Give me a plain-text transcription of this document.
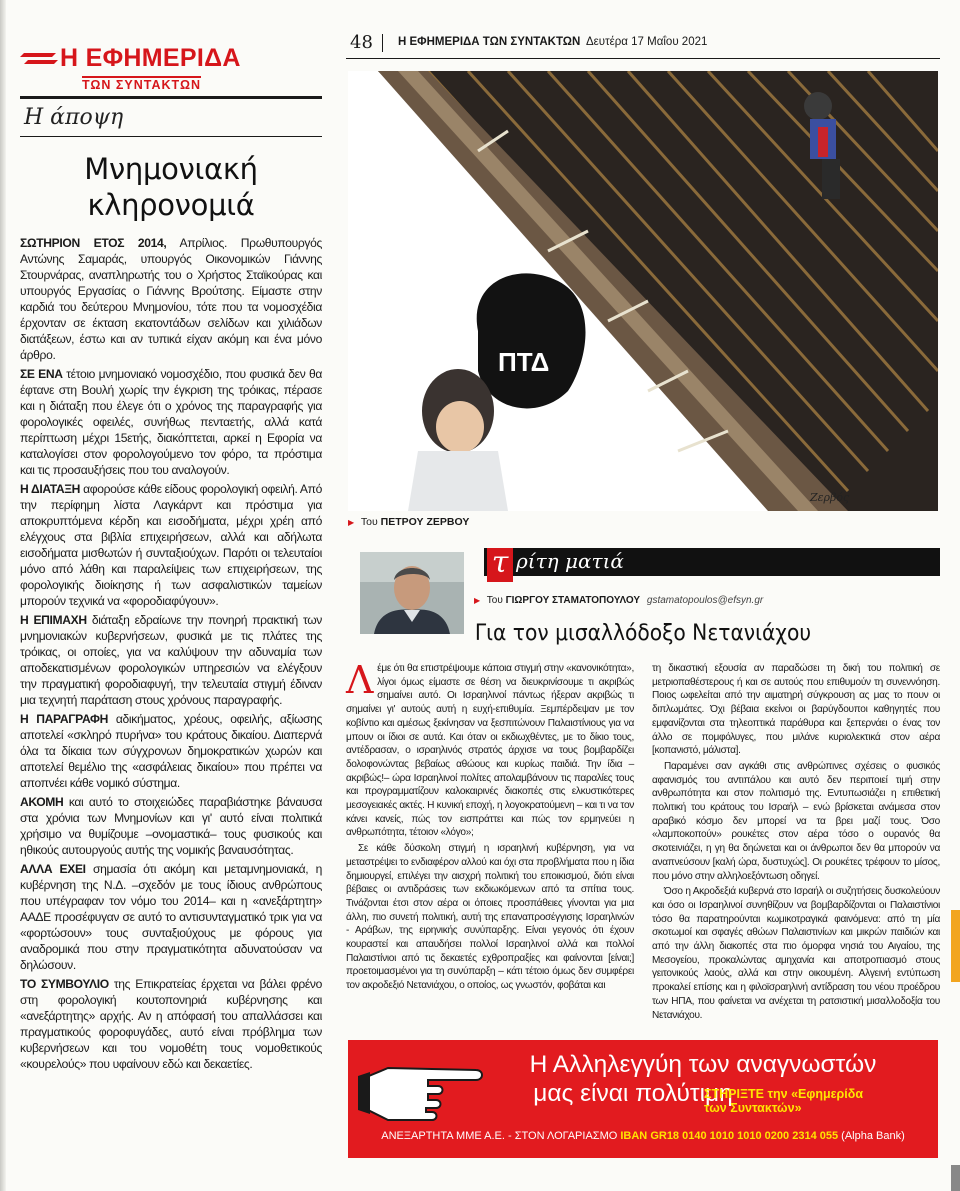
Η ΕΦΗΜΕΡΙΔΑ
ΤΩΝ ΣΥΝΤΑΚΤΩΝ
Η άποψη
Μνημονιακή
κληρονομιά

ΣΩΤΗΡΙΟΝ ΕΤΟΣ 2014, Απρίλιος. Πρωθυπουργός Αντώνης Σαμαράς, υπουργός Οικονομικών Γιάννης Στουρνάρας, αναπληρωτής του ο Χρήστος Σταϊκούρας και υπουργός Εργασίας ο Γιάννης Βρούτσης. Είμαστε στην καρδιά του δεύτερου Μνημονίου, τότε που τα νομοσχέδια έρχονταν σε έκταση εκατοντάδων σελίδων και χιλιάδων διατάξεων, έστω και αν τυπικά είχαν ακόμη και ένα μόνο άρθρο.

ΣΕ ΕΝΑ τέτοιο μνημονιακό νομοσχέδιο, που φυσικά δεν θα έφτανε στη Βουλή χωρίς την έγκριση της τρόικας, πέρασε και η διάταξη που έλεγε ότι ο χρόνος της παραγραφής για φορολογικές οφειλές, συνήθως πενταετής, αλλά κατά περίπτωση μέχρι 15ετής, διακόπτεται, αρκεί η Εφορία να καταλογίσει στον φορολογούμενο τον φόρο, τα πρόστιμα και τις προσαυξήσεις που του αναλογούν.

Η ΔΙΑΤΑΞΗ αφορούσε κάθε είδους φορολογική οφειλή. Από την περίφημη λίστα Λαγκάρντ και πρόστιμα για αποκρυπτόμενα κέρδη και εισοδήματα, μέχρι χρέη από ελέγχους στα βιβλία επιχειρήσεων, αλλά και αδήλωτα εισοδήματα μισθωτών ή συνταξιούχων. Παρότι οι τελευταίοι μόνο από λάθη και παραλείψεις των επιχειρήσεων, της φορολογικής διοίκησης ή των ασφαλιστικών ταμείων μπορούν τεχνικά να «φοροδιαφύγουν».

Η ΕΠΙΜΑΧΗ διάταξη εδραίωνε την πονηρή πρακτική των μνημονιακών κυβερνήσεων, φυσικά με τις πλάτες της τρόικας, οι οποίες, για να καλύψουν την αδυναμία των αποδεκατισμένων φορολογικών υπηρεσιών να ελέγξουν την πραγματική φοροδιαφυγή, την τελευταία στιγμή έδιναν μια τεχνητή παράταση στους χρόνους παραγραφής.

Η ΠΑΡΑΓΡΑΦΗ αδικήματος, χρέους, οφειλής, αξίωσης αποτελεί «σκληρό πυρήνα» του κράτους δικαίου. Διαπερνά όλα τα δίκαια των σύγχρονων δημοκρατικών χωρών και αποτελεί θεμέλιο της «ασφάλειας δικαίου» που πρέπει να αποπνέει κάθε νομικό σύστημα.

ΑΚΟΜΗ και αυτό το στοιχειώδες παραβιάστηκε βάναυσα στα χρόνια των Μνημονίων και γι' αυτό είναι πολιτικά χρήσιμο να θυμίζουμε –ονομαστικά– τους φυσικούς και ηθικούς αυτουργούς αυτής της νομικής βαναυσότητας.

ΑΛΛΑ ΕΧΕΙ σημασία ότι ακόμη και μεταμνημονιακά, η κυβέρνηση της Ν.Δ. –σχεδόν με τους ίδιους ανθρώπους που υπέγραφαν τον νόμο του 2014– και η «ανεξάρτητη» ΑΑΔΕ προσέφυγαν σε αυτό το αντισυνταγματικό τρικ για να «φορτώσουν» τους συνταξιούχους με φόρους για αναδρομικά που στην πραγματικότητα αδυνατούσαν να δηλώσουν.

ΤΟ ΣΥΜΒΟΥΛΙΟ της Επικρατείας έρχεται να βάλει φρένο στη φορολογική κουτοπονηριά κυβέρνησης και «ανεξάρτητης» αρχής. Αν η απόφασή του απαλλάσσει και πραγματικούς φοροφυγάδες, αυτό είναι πρόβλημα των κυβερνήσεων και του νομοθέτη τους νομοθετικούς «κουρελούς» που υφαίνουν εδώ και δεκαετίες.

48 Η ΕΦΗΜΕΡΙΔΑ ΤΩΝ ΣΥΝΤΑΚΤΩΝ Δευτέρα 17 Μαΐου 2021
ΠΤΔ
Ζερβός
▶ Του ΠΕΤΡΟΥ ΖΕΡΒΟΥ
τ ρίτη ματιά
▶ Του ΓΙΩΡΓΟΥ ΣΤΑΜΑΤΟΠΟΥΛΟΥ gstamatopoulos@efsyn.gr
Για τον μισαλλόδοξο Νετανιάχου

Λέμε ότι θα επιστρέψουμε κάποια στιγμή στην «κανονικότητα», λίγοι όμως είμαστε σε θέση να διευκρινίσουμε τι ακριβώς σημαίνει αυτό. Οι Ισραηλινοί πάντως ήξεραν ακριβώς τι σημαίνει γι' αυτούς αυτή η ευχή-επιθυμία. Ξεμπέρδεψαν με τον κοβίντιο και αμέσως ξεκίνησαν να ξεσπιτώνουν Παλαιστίνιους για να μπουν οι ίδιοι σε αυτά. Και όταν οι εκδιωχθέντες, με το δίκιο τους, αντέδρασαν, ο ισραηλινός στρατός άρχισε να τους βομβαρδίζει δολοφονώντας βεβαίως αθώους και κυρίως παιδιά. Την ίδια –ακριβώς!– ώρα Ισραηλινοί πολίτες απολαμβάνουν τις παραλίες τους και προγραμματίζουν καλοκαιρινές διακοπές στις ελκυστικότερες μεσογειακές ακτές. Η κυνική εποχή, η λογοκρατούμενη – και τι να τον κάνει κανείς, πώς τον εισπράττει και πώς τον ερμηνεύει η ανθρωπότητα, τέτοιον «λόγο»;

Σε κάθε δύσκολη στιγμή η ισραηλινή κυβέρνηση, για να μεταστρέψει το ενδιαφέρον αλλού και όχι στα προβλήματα που η ίδια δημιουργεί, επιλέγει την αισχρή πολιτική του εποικισμού, διότι είναι βέβαιες οι αντιδράσεις των εκδιωκόμενων από τα σπίτια τους. Τινάζονται έτσι στον αέρα οι όποιες προσπάθειες γίνονται για μια άλλη, πιο συνετή πολιτική, αυτή της επαναπροσέγγισης Ισραηλινών - Αράβων, της ειρηνικής συνύπαρξης. Είναι γεγονός ότι έχουν κουραστεί και απαυδήσει πολλοί Ισραηλινοί αλλά και πολλοί Παλαιστίνιοι από τις δεκαετές εχθροπραξίες και φαίνονται [είναι;] προετοιμασμένοι για τη συνύπαρξη – κάτι τέτοιο όμως δεν συμφέρει τον ακροδεξιό Νετανιάχου, ο οποίος, ως γνωστόν, φοβάται και

τη δικαστική εξουσία αν παραδώσει τη δική του πολιτική σε μετριοπαθέστερους ή και σε αυτούς που επιθυμούν τη συνεννόηση. Ποιος ωφελείται από την αιματηρή σύγκρουση ας μας το πουν οι διπλωμάτες. Όχι βέβαια εκείνοι οι βαρύγδουποι καθηγητές που εμφανίζονται στα τηλεοπτικά παράθυρα και ξεπερνάει ο ένας τον άλλο σε πομφόλυγες, που μιλάνε κυριολεκτικά στον αέρα [κοπανιστό, μάλιστα].

Παραμένει σαν αγκάθι στις ανθρώπινες σχέσεις ο φυσικός αφανισμός του αντιπάλου και αυτό δεν περιποιεί τιμή στην ανθρωπότητα και στον πολιτισμό της. Εντυπωσιάζει η επιθετική πολιτική του κράτους του Ισραήλ – ενώ βρίσκεται ανάμεσα στον αραβικό κόσμο δεν μπορεί να τα βρει μαζί τους. Όσο «λαμποκοπούν» ρουκέτες στον αέρα τόσο ο ουρανός θα σκοτεινιάζει, η γη θα δηώνεται και οι άνθρωποι δεν θα μπορούν να αναπνεύσουν [καλή ώρα, δυστυχώς]. Οι ρουκέτες τρέφουν το μίσος, που μόνο στην αλληλοεξόντωση οδηγεί.

Όσο η Ακροδεξιά κυβερνά στο Ισραήλ οι συζητήσεις δυσκολεύουν και όσο οι Ισραηλινοί συνηθίζουν να βομβαρδίζονται οι Παλαιστίνιοι τόσο θα παρατηρούνται κωμικοτραγικά φαινόμενα: από τη μία σκοτωμοί και σφαγές αθώων Παλαιστινίων και μικρών παιδιών και από την άλλη διακοπές στα πιο όμορφα νησιά του Αιγαίου, της Μεσογείου, προκαλώντας αμηχανία και αποτροπιασμό στους γειτονικούς λαούς, αλλά και στην οικουμένη. Αλγεινή εντύπωση προκαλεί επίσης και η φιλοϊσραηλινή αντίδραση του νέου προέδρου των ΗΠΑ, που φαίνεται να ανέχεται τη ρατσιστική μισαλλοδοξία του Νετανιάχου.

Η Αλληλεγγύη των αναγνωστών
μας είναι πολύτιμη
ΣΤΗΡΙΞΤΕ την «Εφημερίδα
των Συντακτών»
ΑΝΕΞΑΡΤΗΤΑ ΜΜΕ Α.Ε. - ΣΤΟΝ ΛΟΓΑΡΙΑΣΜΟ IBAN GR18 0140 1010 1010 0200 2314 055 (Alpha Bank)
